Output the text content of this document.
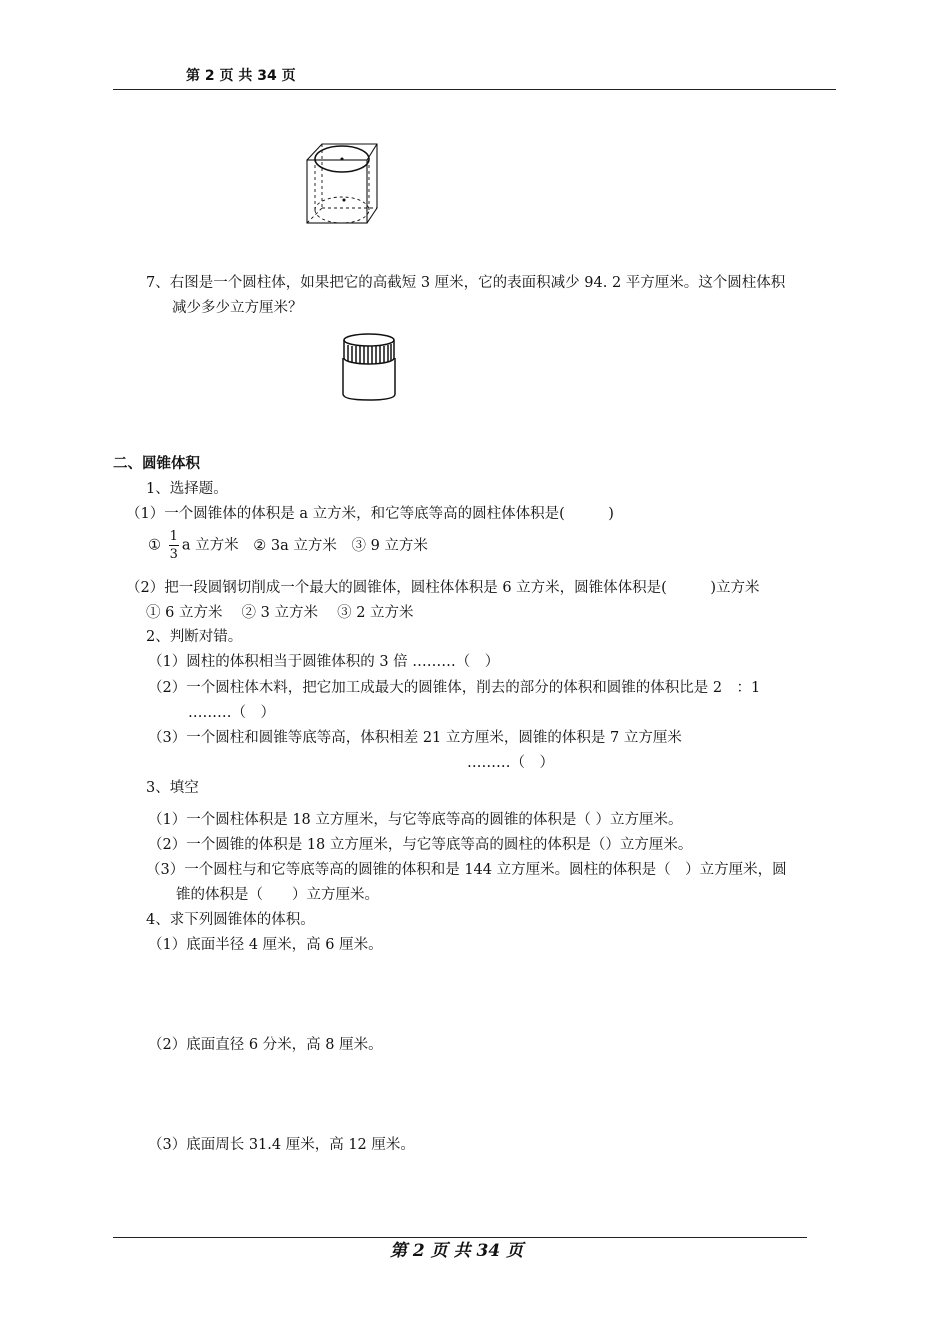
第 2 页 共 34 页
7、右图是一个圆柱体，如果把它的高截短 3 厘米，它的表面积减少 94. 2 平方厘米。这个圆柱体积
减少多少立方厘米？
二、圆锥体积
1、选择题。
（1）一个圆锥体的体积是 a 立方米，和它等底等高的圆柱体体积是(　　　)
① $\frac{1}{3}$ a 立方米 ② 3a 立方米 ③ 9 立方米
（2）把一段圆钢切削成一个最大的圆锥体，圆柱体体积是 6 立方米，圆锥体体积是(　　　)立方米
① 6 立方米　 ② 3 立方米　 ③ 2 立方米
2、判断对错。
（1）圆柱的体积相当于圆锥体积的 3 倍 ………（　）
（2）一个圆柱体木料，把它加工成最大的圆锥体，削去的部分的体积和圆锥的体积比是 2　：1
………（　）
（3）一个圆柱和圆锥等底等高，体积相差 21 立方厘米，圆锥的体积是 7 立方厘米
………（　）
3、填空
（1）一个圆柱体积是 18 立方厘米，与它等底等高的圆锥的体积是（ ）立方厘米。
（2）一个圆锥的体积是 18 立方厘米，与它等底等高的圆柱的体积是（）立方厘米。
（3）一个圆柱与和它等底等高的圆锥的体积和是 144 立方厘米。圆柱的体积是（　）立方厘米，圆
锥的体积是（　　）立方厘米。
4、求下列圆锥体的体积。
（1）底面半径 4 厘米，高 6 厘米。
（2）底面直径 6 分米，高 8 厘米。
（3）底面周长 31.4 厘米，高 12 厘米。
第 2 页 共 34 页
